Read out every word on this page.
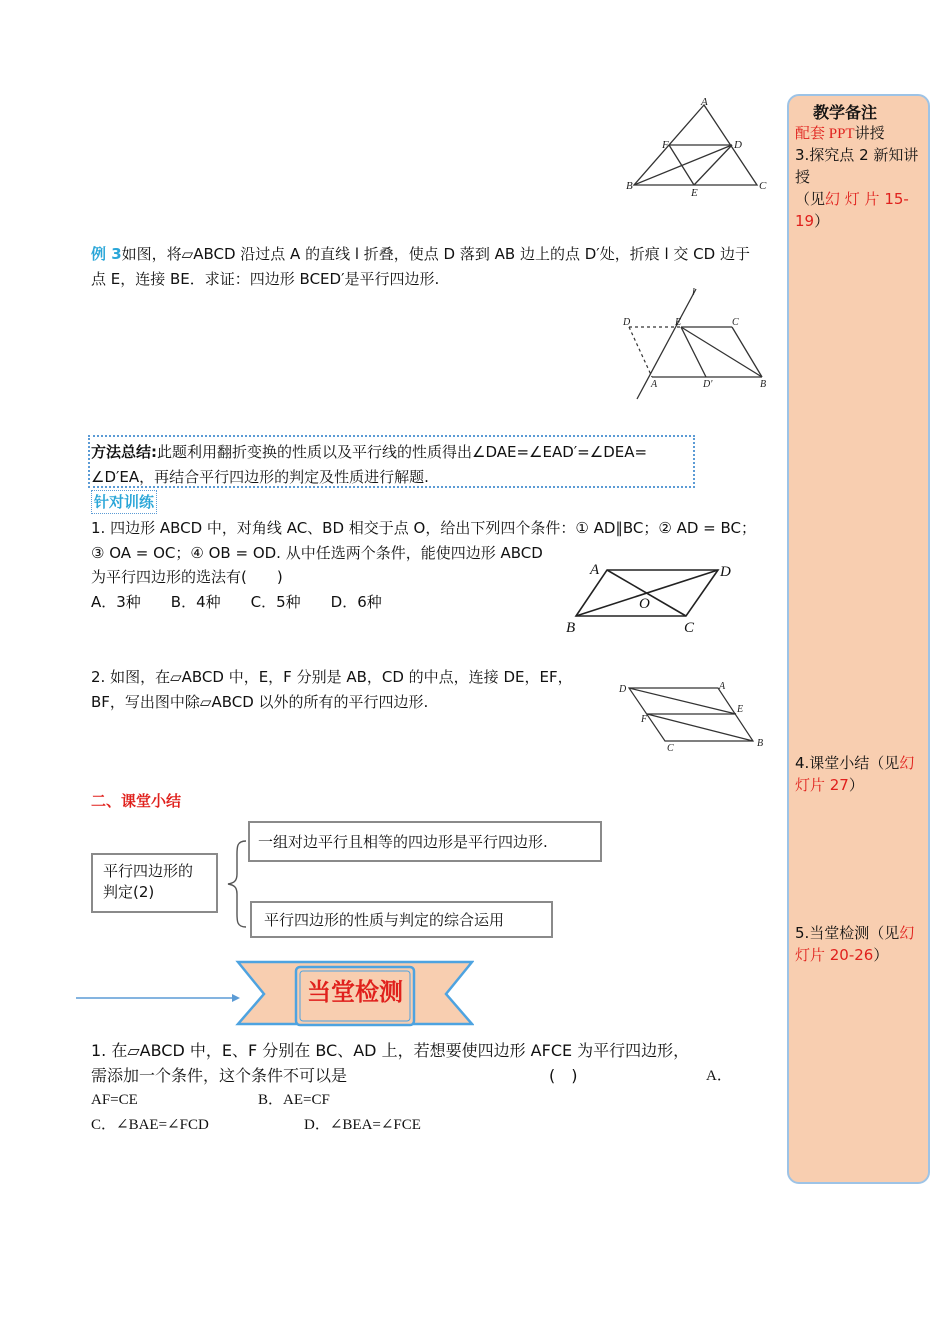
教学备注
配套 PPT讲授
3.探究点 2 新知讲
授
（见幻 灯 片 15-
19）
4.课堂小结（见幻
灯片 27）
5.当堂检测（见幻
灯片 20-26）
A
F	D
B
E
C
例 3如图，将▱ABCD 沿过点 A 的直线 l 折叠，使点 D 落到 AB 边上的点 D′处，折痕 l 交 CD 边于
点 E，连接 BE．求证：四边形 BCED′是平行四边形.
l
D	E	C
A	D'	B
方法总结:此题利用翻折变换的性质以及平行线的性质得出∠DAE=∠EAD′=∠DEA=
∠D′EA，再结合平行四边形的判定及性质进行解题.
针对训练
1. 四边形 ABCD 中，对角线 AC、BD 相交于点 O，给出下列四个条件：① AD∥BC；② AD = BC；
③ OA = OC；④ OB = OD. 从中任选两个条件，能使四边形 ABCD
为平行四边形的选法有(　　)
A．3种　　B．4种　　C．5种　　D．6种
A	D
O
B	C
2. 如图，在▱ABCD 中，E，F 分别是 AB，CD 的中点，连接 DE，EF，
BF，写出图中除▱ABCD 以外的所有的平行四边形.
D	A
E
F
C	B
二、课堂小结
平行四边形的
判定(2)
一组对边平行且相等的四边形是平行四边形.
平行四边形的性质与判定的综合运用
当堂检测
1. 在▱ABCD 中，E、F 分别在 BC、AD 上，若想要使四边形 AFCE 为平行四边形，
需添加一个条件，这个条件不可以是	(　)	A．
AF=CE	B．AE=CF
C．∠BAE=∠FCD	D．∠BEA=∠FCE
